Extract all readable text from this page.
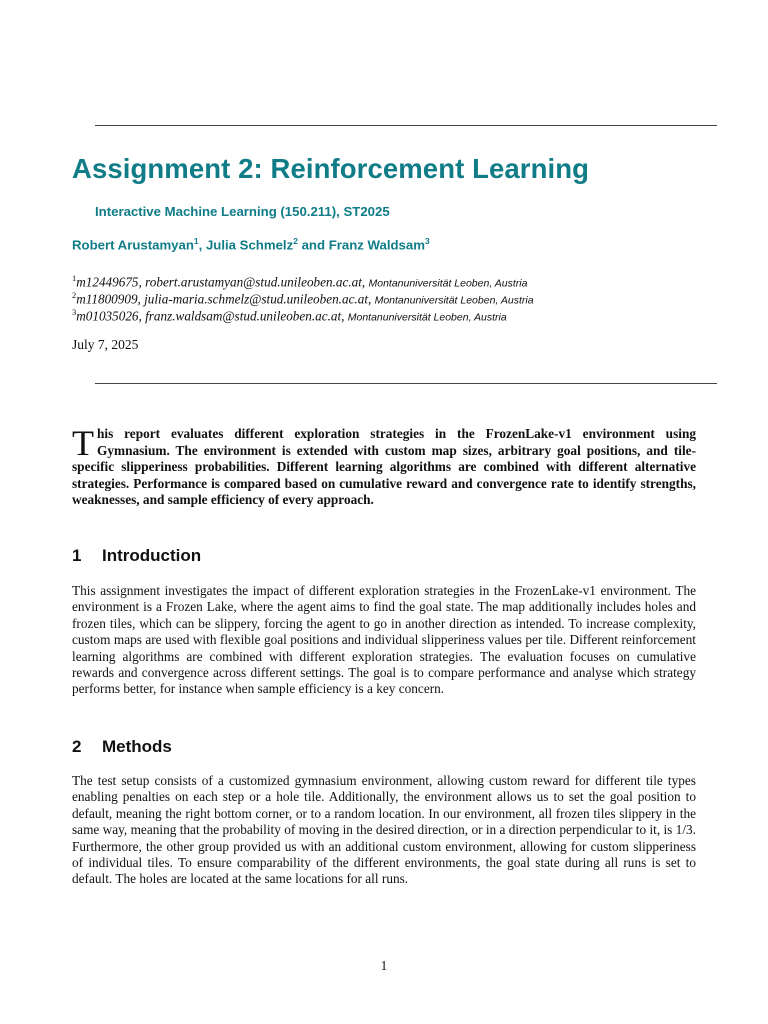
Assignment 2: Reinforcement Learning
Interactive Machine Learning (150.211), ST2025
Robert Arustamyan$^1$, Julia Schmelz$^2$ and Franz Waldsam$^3$
$^1$m12449675, robert.arustamyan@stud.unileoben.ac.at, Montanuniversität Leoben, Austria
$^2$m11800909, julia-maria.schmelz@stud.unileoben.ac.at, Montanuniversität Leoben, Austria
$^3$m01035026, franz.waldsam@stud.unileoben.ac.at, Montanuniversität Leoben, Austria
July 7, 2025

This report evaluates different exploration strategies in the FrozenLake-v1 environment using Gymnasium. The environment is extended with custom map sizes, arbitrary goal positions, and tile-specific slipperiness probabilities. Different learning algorithms are combined with different alternative strategies. Performance is compared based on cumulative reward and convergence rate to identify strengths, weaknesses, and sample efficiency of every approach.

1 Introduction

This assignment investigates the impact of different exploration strategies in the FrozenLake-v1 environment. The environment is a Frozen Lake, where the agent aims to find the goal state. The map additionally includes holes and frozen tiles, which can be slippery, forcing the agent to go in another direction as intended. To increase complexity, custom maps are used with flexible goal positions and individual slipperiness values per tile. Different reinforcement learning algorithms are combined with different exploration strategies. The evaluation focuses on cumulative rewards and convergence across different settings. The goal is to compare performance and analyse which strategy performs better, for instance when sample efficiency is a key concern.

2 Methods

The test setup consists of a customized gymnasium environment, allowing custom reward for different tile types enabling penalties on each step or a hole tile. Additionally, the environment allows us to set the goal position to default, meaning the right bottom corner, or to a random location. In our environment, all frozen tiles slippery in the same way, meaning that the probability of moving in the desired direction, or in a direction perpendicular to it, is 1/3. Furthermore, the other group provided us with an additional custom environment, allowing for custom slipperiness of individual tiles. To ensure comparability of the different environments, the goal state during all runs is set to default. The holes are located at the same locations for all runs.

1
